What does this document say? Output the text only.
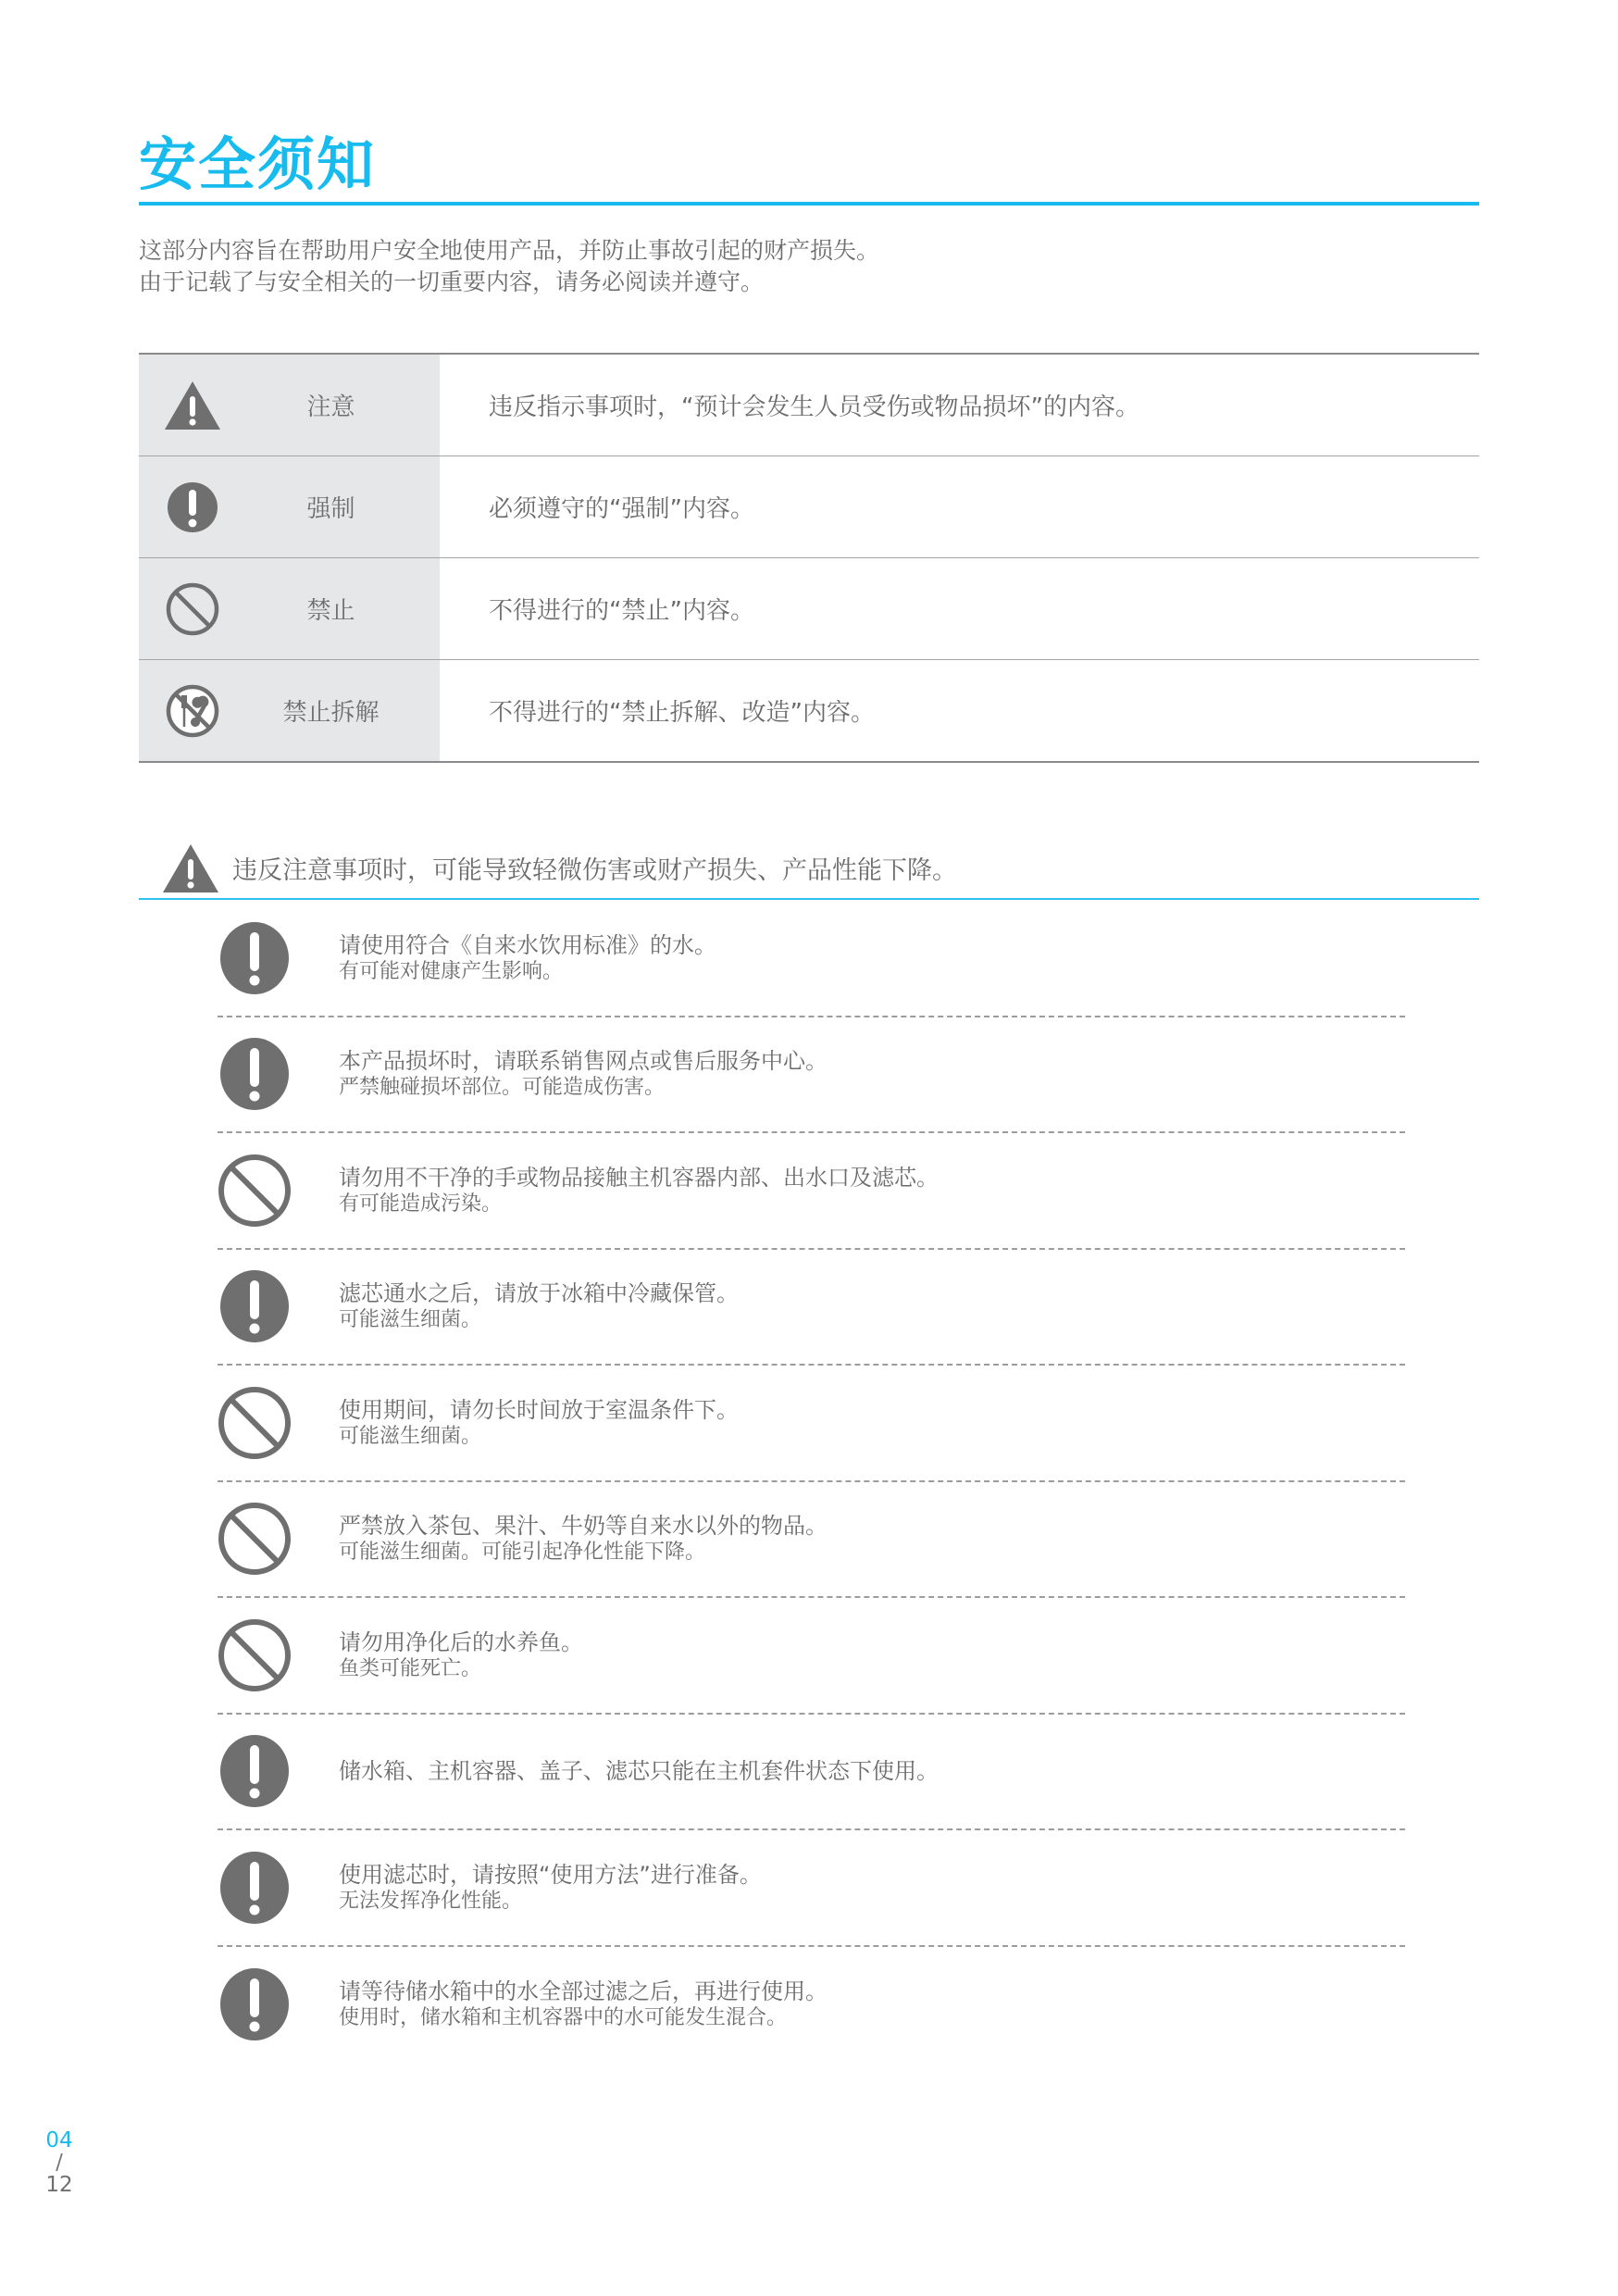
安全须知
这部分内容旨在帮助用户安全地使用产品，并防止事故引起的财产损失。
由于记载了与安全相关的一切重要内容，请务必阅读并遵守。
注意	违反指示事项时，“预计会发生人员受伤或物品损坏”的内容。
强制	必须遵守的“强制”内容。
禁止	不得进行的“禁止”内容。
禁止拆解	不得进行的“禁止拆解、改造”内容。
违反注意事项时，可能导致轻微伤害或财产损失、产品性能下降。
请使用符合《自来水饮用标准》的水。
有可能对健康产生影响。
本产品损坏时，请联系销售网点或售后服务中心。
严禁触碰损坏部位。可能造成伤害。
请勿用不干净的手或物品接触主机容器内部、出水口及滤芯。
有可能造成污染。
滤芯通水之后，请放于冰箱中冷藏保管。
可能滋生细菌。
使用期间，请勿长时间放于室温条件下。
可能滋生细菌。
严禁放入茶包、果汁、牛奶等自来水以外的物品。
可能滋生细菌。可能引起净化性能下降。
请勿用净化后的水养鱼。
鱼类可能死亡。
储水箱、主机容器、盖子、滤芯只能在主机套件状态下使用。
使用滤芯时，请按照“使用方法”进行准备。
无法发挥净化性能。
请等待储水箱中的水全部过滤之后，再进行使用。
使用时，储水箱和主机容器中的水可能发生混合。
04
/
12
